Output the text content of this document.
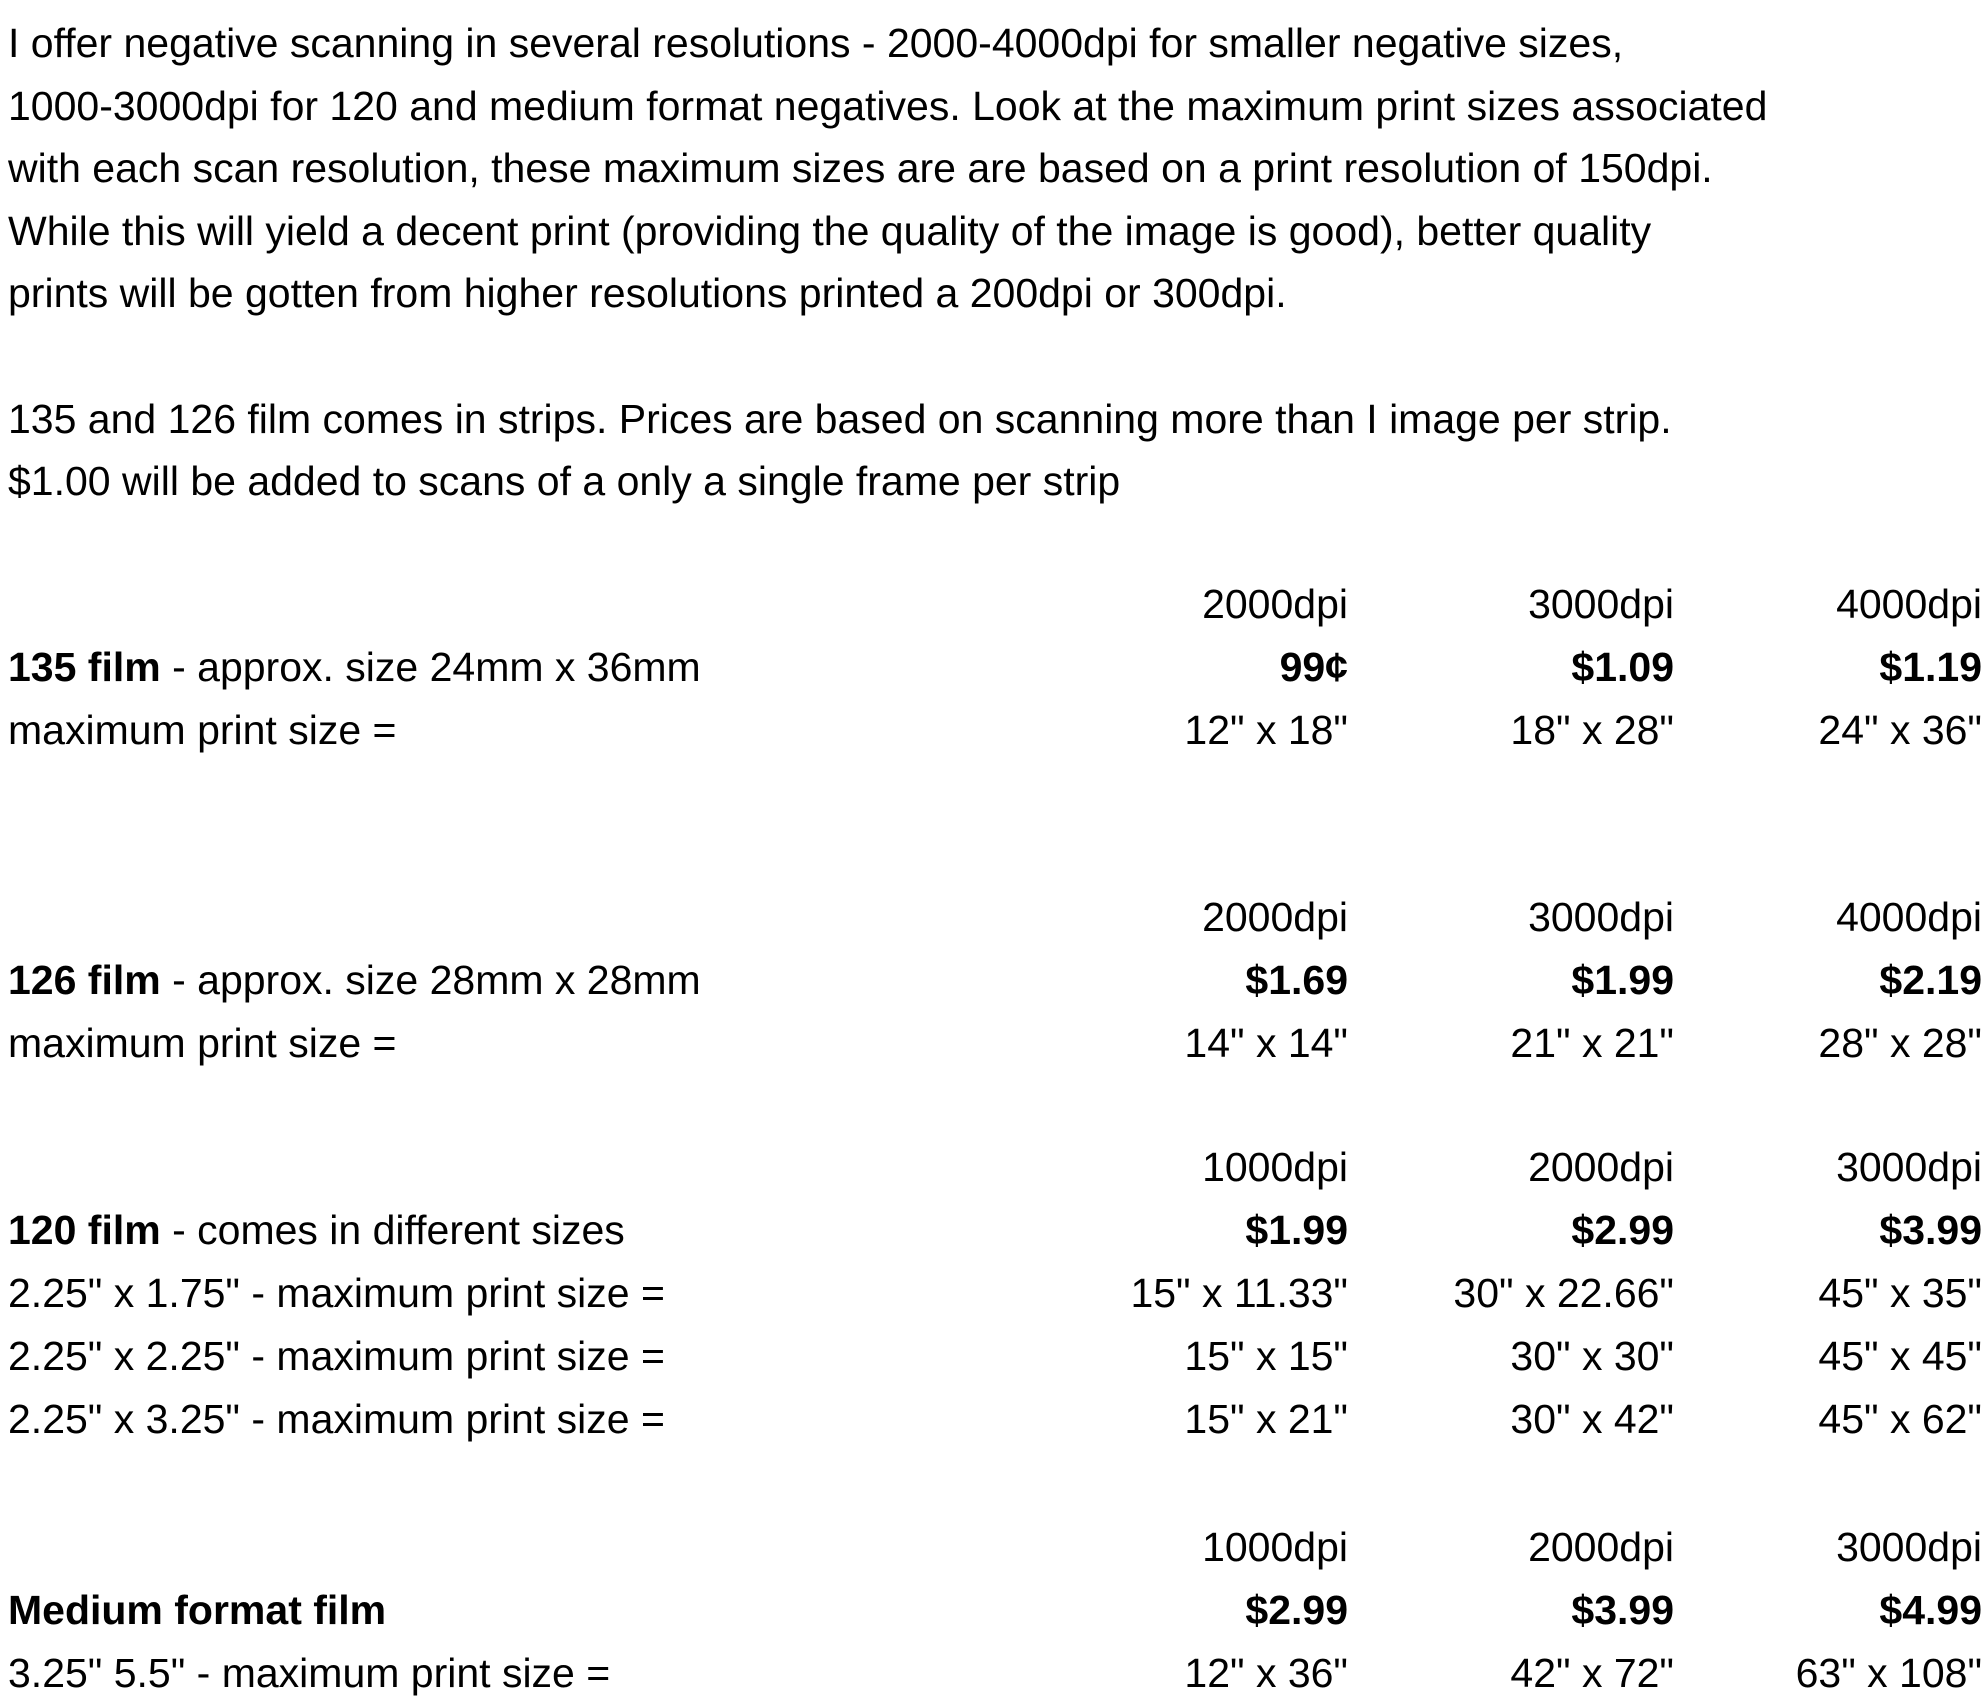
I offer negative scanning in several resolutions - 2000-4000dpi for smaller negative sizes,
1000-3000dpi for 120 and medium format negatives. Look at the maximum print sizes associated
with each scan resolution, these maximum sizes are are based on a print resolution of 150dpi.
While this will yield a decent print (providing the quality of the image is good), better quality
prints will be gotten from higher resolutions printed a 200dpi or 300dpi.
135 and 126 film comes in strips. Prices are based on scanning more than I image per strip.
$1.00 will be added to scans of a only a single frame per strip
2000dpi	3000dpi	4000dpi
135 film - approx. size 24mm x 36mm	99¢	$1.09	$1.19
maximum print size =	12" x 18"	18" x 28"	24" x 36"
2000dpi	3000dpi	4000dpi
126 film - approx. size 28mm x 28mm	$1.69	$1.99	$2.19
maximum print size =	14" x 14"	21" x 21"	28" x 28"
1000dpi	2000dpi	3000dpi
120 film - comes in different sizes	$1.99	$2.99	$3.99
2.25" x 1.75" - maximum print size =	15" x 11.33"	30" x 22.66"	45" x 35"
2.25" x 2.25" - maximum print size =	15" x 15"	30" x 30"	45" x 45"
2.25" x 3.25" - maximum print size =	15" x 21"	30" x 42"	45" x 62"
1000dpi	2000dpi	3000dpi
Medium format film	$2.99	$3.99	$4.99
3.25" 5.5" - maximum print size =	12" x 36"	42" x 72"	63" x 108"
